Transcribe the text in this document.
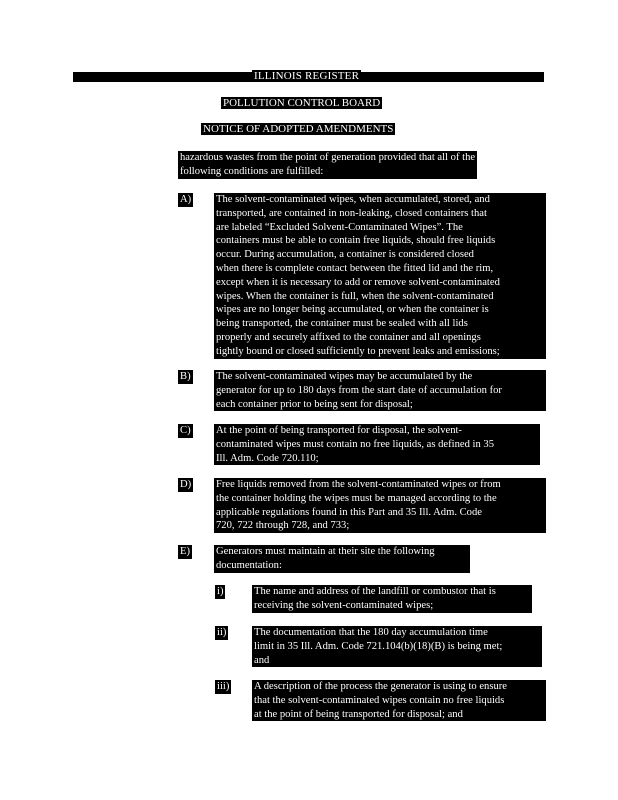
ILLINOIS REGISTER
POLLUTION CONTROL BOARD
NOTICE OF ADOPTED AMENDMENTS
hazardous wastes from the point of generation provided that all of the
following conditions are fulfilled:
A) The solvent-contaminated wipes, when accumulated, stored, and
transported, are contained in non-leaking, closed containers that
are labeled “Excluded Solvent-Contaminated Wipes”. The
containers must be able to contain free liquids, should free liquids
occur. During accumulation, a container is considered closed
when there is complete contact between the fitted lid and the rim,
except when it is necessary to add or remove solvent-contaminated
wipes. When the container is full, when the solvent-contaminated
wipes are no longer being accumulated, or when the container is
being transported, the container must be sealed with all lids
properly and securely affixed to the container and all openings
tightly bound or closed sufficiently to prevent leaks and emissions;
B) The solvent-contaminated wipes may be accumulated by the
generator for up to 180 days from the start date of accumulation for
each container prior to being sent for disposal;
C) At the point of being transported for disposal, the solvent-
contaminated wipes must contain no free liquids, as defined in 35
Ill. Adm. Code 720.110;
D) Free liquids removed from the solvent-contaminated wipes or from
the container holding the wipes must be managed according to the
applicable regulations found in this Part and 35 Ill. Adm. Code
720, 722 through 728, and 733;
E) Generators must maintain at their site the following
documentation:
i)	The name and address of the landfill or combustor that is
receiving the solvent-contaminated wipes;
ii)	The documentation that the 180 day accumulation time
limit in 35 Ill. Adm. Code 721.104(b)(18)(B) is being met;
and
iii) A description of the process the generator is using to ensure
that the solvent-contaminated wipes contain no free liquids
at the point of being transported for disposal; and
